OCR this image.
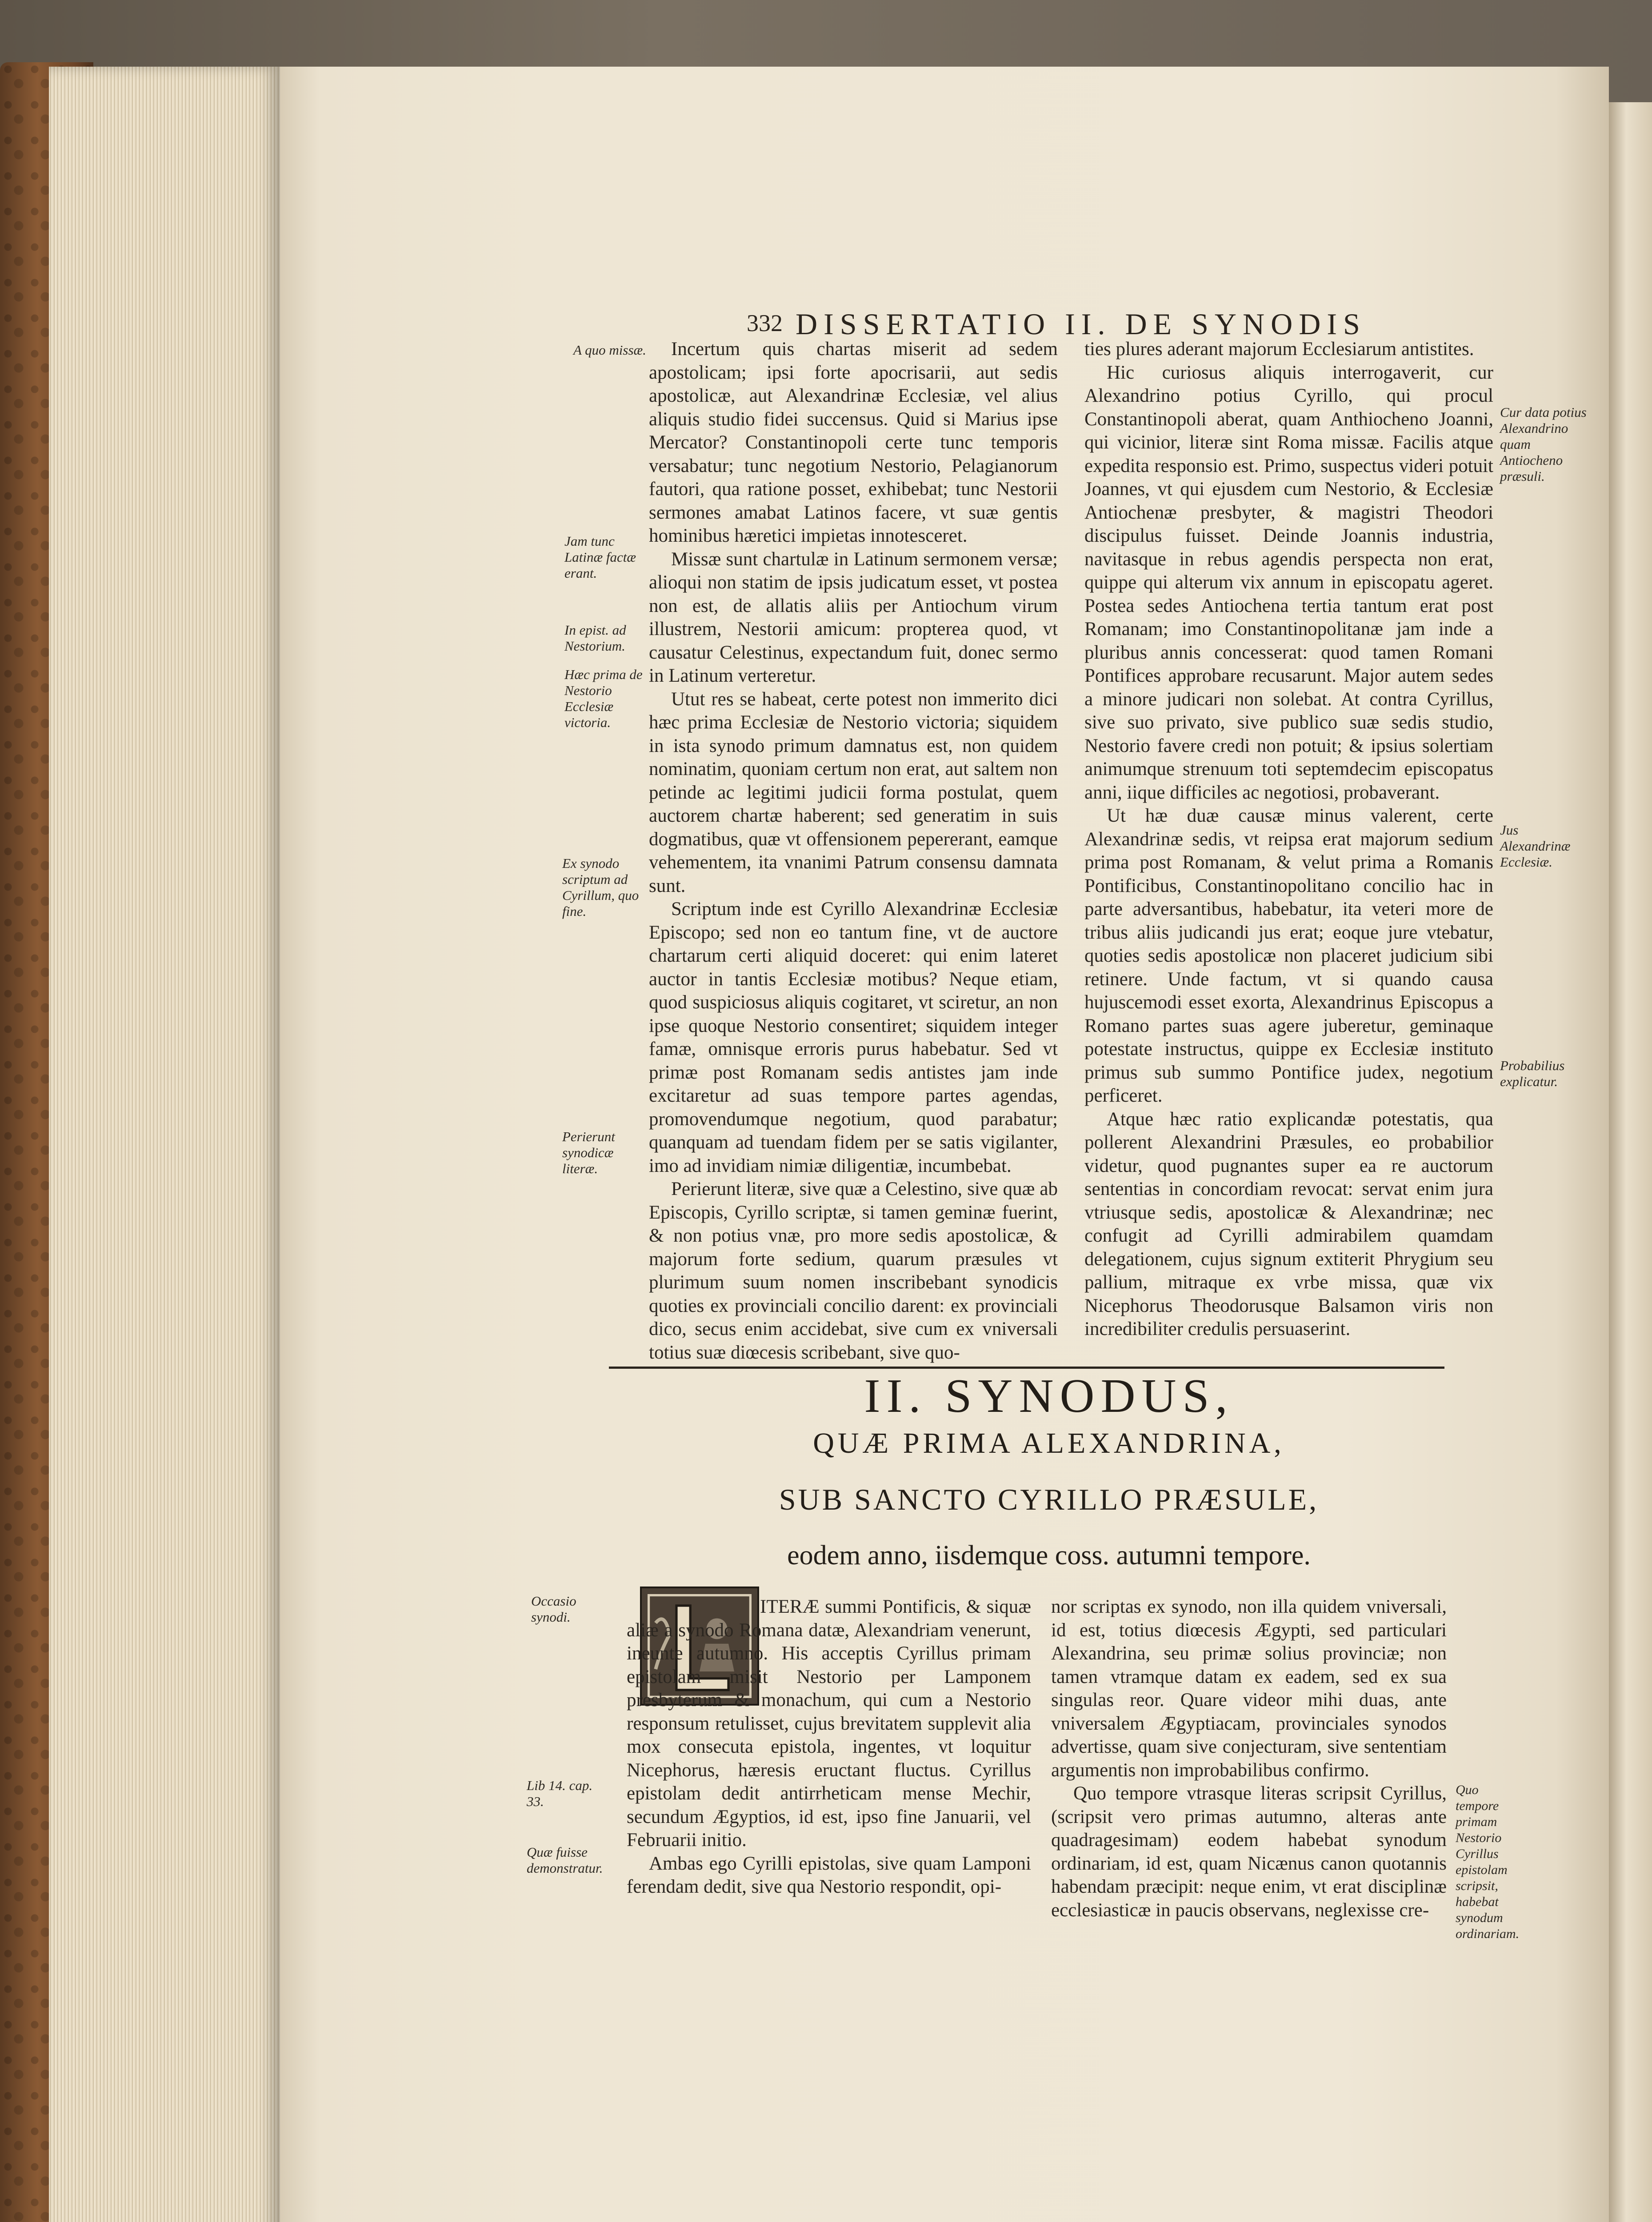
332 DISSERTATIO II. DE SYNODIS
A quo missæ.
Jam tunc Latinæ factæ erant.
In epist. ad Nestorium.
Hæc prima de Nestorio Ecclesiæ victoria.
Ex synodo scriptum ad Cyrillum, quo fine.
Perierunt synodicæ literæ.

Incertum quis chartas miserit ad sedem apostolicam; ipsi forte apocrisarii, aut sedis apostolicæ, aut Alexandrinæ Ecclesiæ, vel alius aliquis studio fidei succensus. Quid si Marius ipse Mercator? Constantinopoli certe tunc temporis versabatur; tunc negotium Nestorio, Pelagianorum fautori, qua ratione posset, exhibebat; tunc Nestorii sermones amabat Latinos facere, vt suæ gentis hominibus hæretici impietas innotesceret.

Missæ sunt chartulæ in Latinum sermonem versæ; alioqui non statim de ipsis judicatum esset, vt postea non est, de allatis aliis per Antiochum virum illustrem, Nestorii amicum: propterea quod, vt causatur Celestinus, expectandum fuit, donec sermo in Latinum verteretur.

Utut res se habeat, certe potest non immerito dici hæc prima Ecclesiæ de Nestorio victoria; siquidem in ista synodo primum damnatus est, non quidem nominatim, quoniam certum non erat, aut saltem non petinde ac legitimi judicii forma postulat, quem auctorem chartæ haberent; sed generatim in suis dogmatibus, quæ vt offensionem pepererant, eamque vehementem, ita vnanimi Patrum consensu damnata sunt.

Scriptum inde est Cyrillo Alexandrinæ Ecclesiæ Episcopo; sed non eo tantum fine, vt de auctore chartarum certi aliquid doceret: qui enim lateret auctor in tantis Ecclesiæ motibus? Neque etiam, quod suspiciosus aliquis cogitaret, vt sciretur, an non ipse quoque Nestorio consentiret; siquidem integer famæ, omnisque erroris purus habebatur. Sed vt primæ post Romanam sedis antistes jam inde excitaretur ad suas tempore partes agendas, promovendumque negotium, quod parabatur; quanquam ad tuendam fidem per se satis vigilanter, imo ad invidiam nimiæ diligentiæ, incumbebat.

Perierunt literæ, sive quæ a Celestino, sive quæ ab Episcopis, Cyrillo scriptæ, si tamen geminæ fuerint, & non potius vnæ, pro more sedis apostolicæ, & majorum forte sedium, quarum præsules vt plurimum suum nomen inscribebant synodicis quoties ex provinciali concilio darent: ex provinciali dico, secus enim accidebat, sive cum ex vniversali totius suæ diœcesis scribebant, sive quo-

ties plures aderant majorum Ecclesiarum antistites.

Hic curiosus aliquis interrogaverit, cur Alexandrino potius Cyrillo, qui procul Constantinopoli aberat, quam Anthiocheno Joanni, qui vicinior, literæ sint Roma missæ. Facilis atque expedita responsio est. Primo, suspectus videri potuit Joannes, vt qui ejusdem cum Nestorio, & Ecclesiæ Antiochenæ presbyter, & magistri Theodori discipulus fuisset. Deinde Joannis industria, navitasque in rebus agendis perspecta non erat, quippe qui alterum vix annum in episcopatu ageret. Postea sedes Antiochena tertia tantum erat post Romanam; imo Constantinopolitanæ jam inde a pluribus annis concesserat: quod tamen Romani Pontifices approbare recusarunt. Major autem sedes a minore judicari non solebat. At contra Cyrillus, sive suo privato, sive publico suæ sedis studio, Nestorio favere credi non potuit; & ipsius solertiam animumque strenuum toti septemdecim episcopatus anni, iique difficiles ac negotiosi, probaverant.

Ut hæ duæ causæ minus valerent, certe Alexandrinæ sedis, vt reipsa erat majorum sedium prima post Romanam, & velut prima a Romanis Pontificibus, Constantinopolitano concilio hac in parte adversantibus, habebatur, ita veteri more de tribus aliis judicandi jus erat; eoque jure vtebatur, quoties sedis apostolicæ non placeret judicium sibi retinere. Unde factum, vt si quando causa hujuscemodi esset exorta, Alexandrinus Episcopus a Romano partes suas agere juberetur, geminaque potestate instructus, quippe ex Ecclesiæ instituto primus sub summo Pontifice judex, negotium perficeret.

Atque hæc ratio explicandæ potestatis, qua pollerent Alexandrini Præsules, eo probabilior videtur, quod pugnantes super ea re auctorum sententias in concordiam revocat: servat enim jura vtriusque sedis, apostolicæ & Alexandrinæ; nec confugit ad Cyrilli admirabilem quamdam delegationem, cujus signum extiterit Phrygium seu pallium, mitraque ex vrbe missa, quæ vix Nicephorus Theodorusque Balsamon viris non incredibiliter credulis persuaserint.

Cur data potius Alexandrino quam Antiocheno præsuli.
Jus Alexandrinæ Ecclesiæ.
Probabilius explicatur.
II. SYNODUS,
QUÆ PRIMA ALEXANDRINA,
SUB SANCTO CYRILLO PRÆSULE,
eodem anno, iisdemque coss. autumni tempore.
Occasio synodi.
Lib 14. cap. 33.
Quæ fuisse demonstratur.

ITERÆ summi Pontificis, & siquæ aliæ a synodo Romana datæ, Alexandriam venerunt, ineunte autumno. His acceptis Cyrillus primam epistolam misit Nestorio per Lamponem presbyterum & monachum, qui cum a Nestorio responsum retulisset, cujus brevitatem supplevit alia mox consecuta epistola, ingentes, vt loquitur Nicephorus, hæresis eructant fluctus. Cyrillus epistolam dedit antirrheticam mense Mechir, secundum Ægyptios, id est, ipso fine Januarii, vel Februarii initio.

Ambas ego Cyrilli epistolas, sive quam Lamponi ferendam dedit, sive qua Nestorio respondit, opi-

nor scriptas ex synodo, non illa quidem vniversali, id est, totius diœcesis Ægypti, sed particulari Alexandrina, seu primæ solius provinciæ; non tamen vtramque datam ex eadem, sed ex sua singulas reor. Quare videor mihi duas, ante vniversalem Ægyptiacam, provinciales synodos advertisse, quam sive conjecturam, sive sententiam argumentis non improbabilibus confirmo.

Quo tempore vtrasque literas scripsit Cyrillus, (scripsit vero primas autumno, alteras ante quadragesimam) eodem habebat synodum ordinariam, id est, quam Nicænus canon quotannis habendam præcipit: neque enim, vt erat disciplinæ ecclesiasticæ in paucis observans, neglexisse cre-

Quo tempore primam Nestorio Cyrillus epistolam scripsit, habebat synodum ordinariam.
